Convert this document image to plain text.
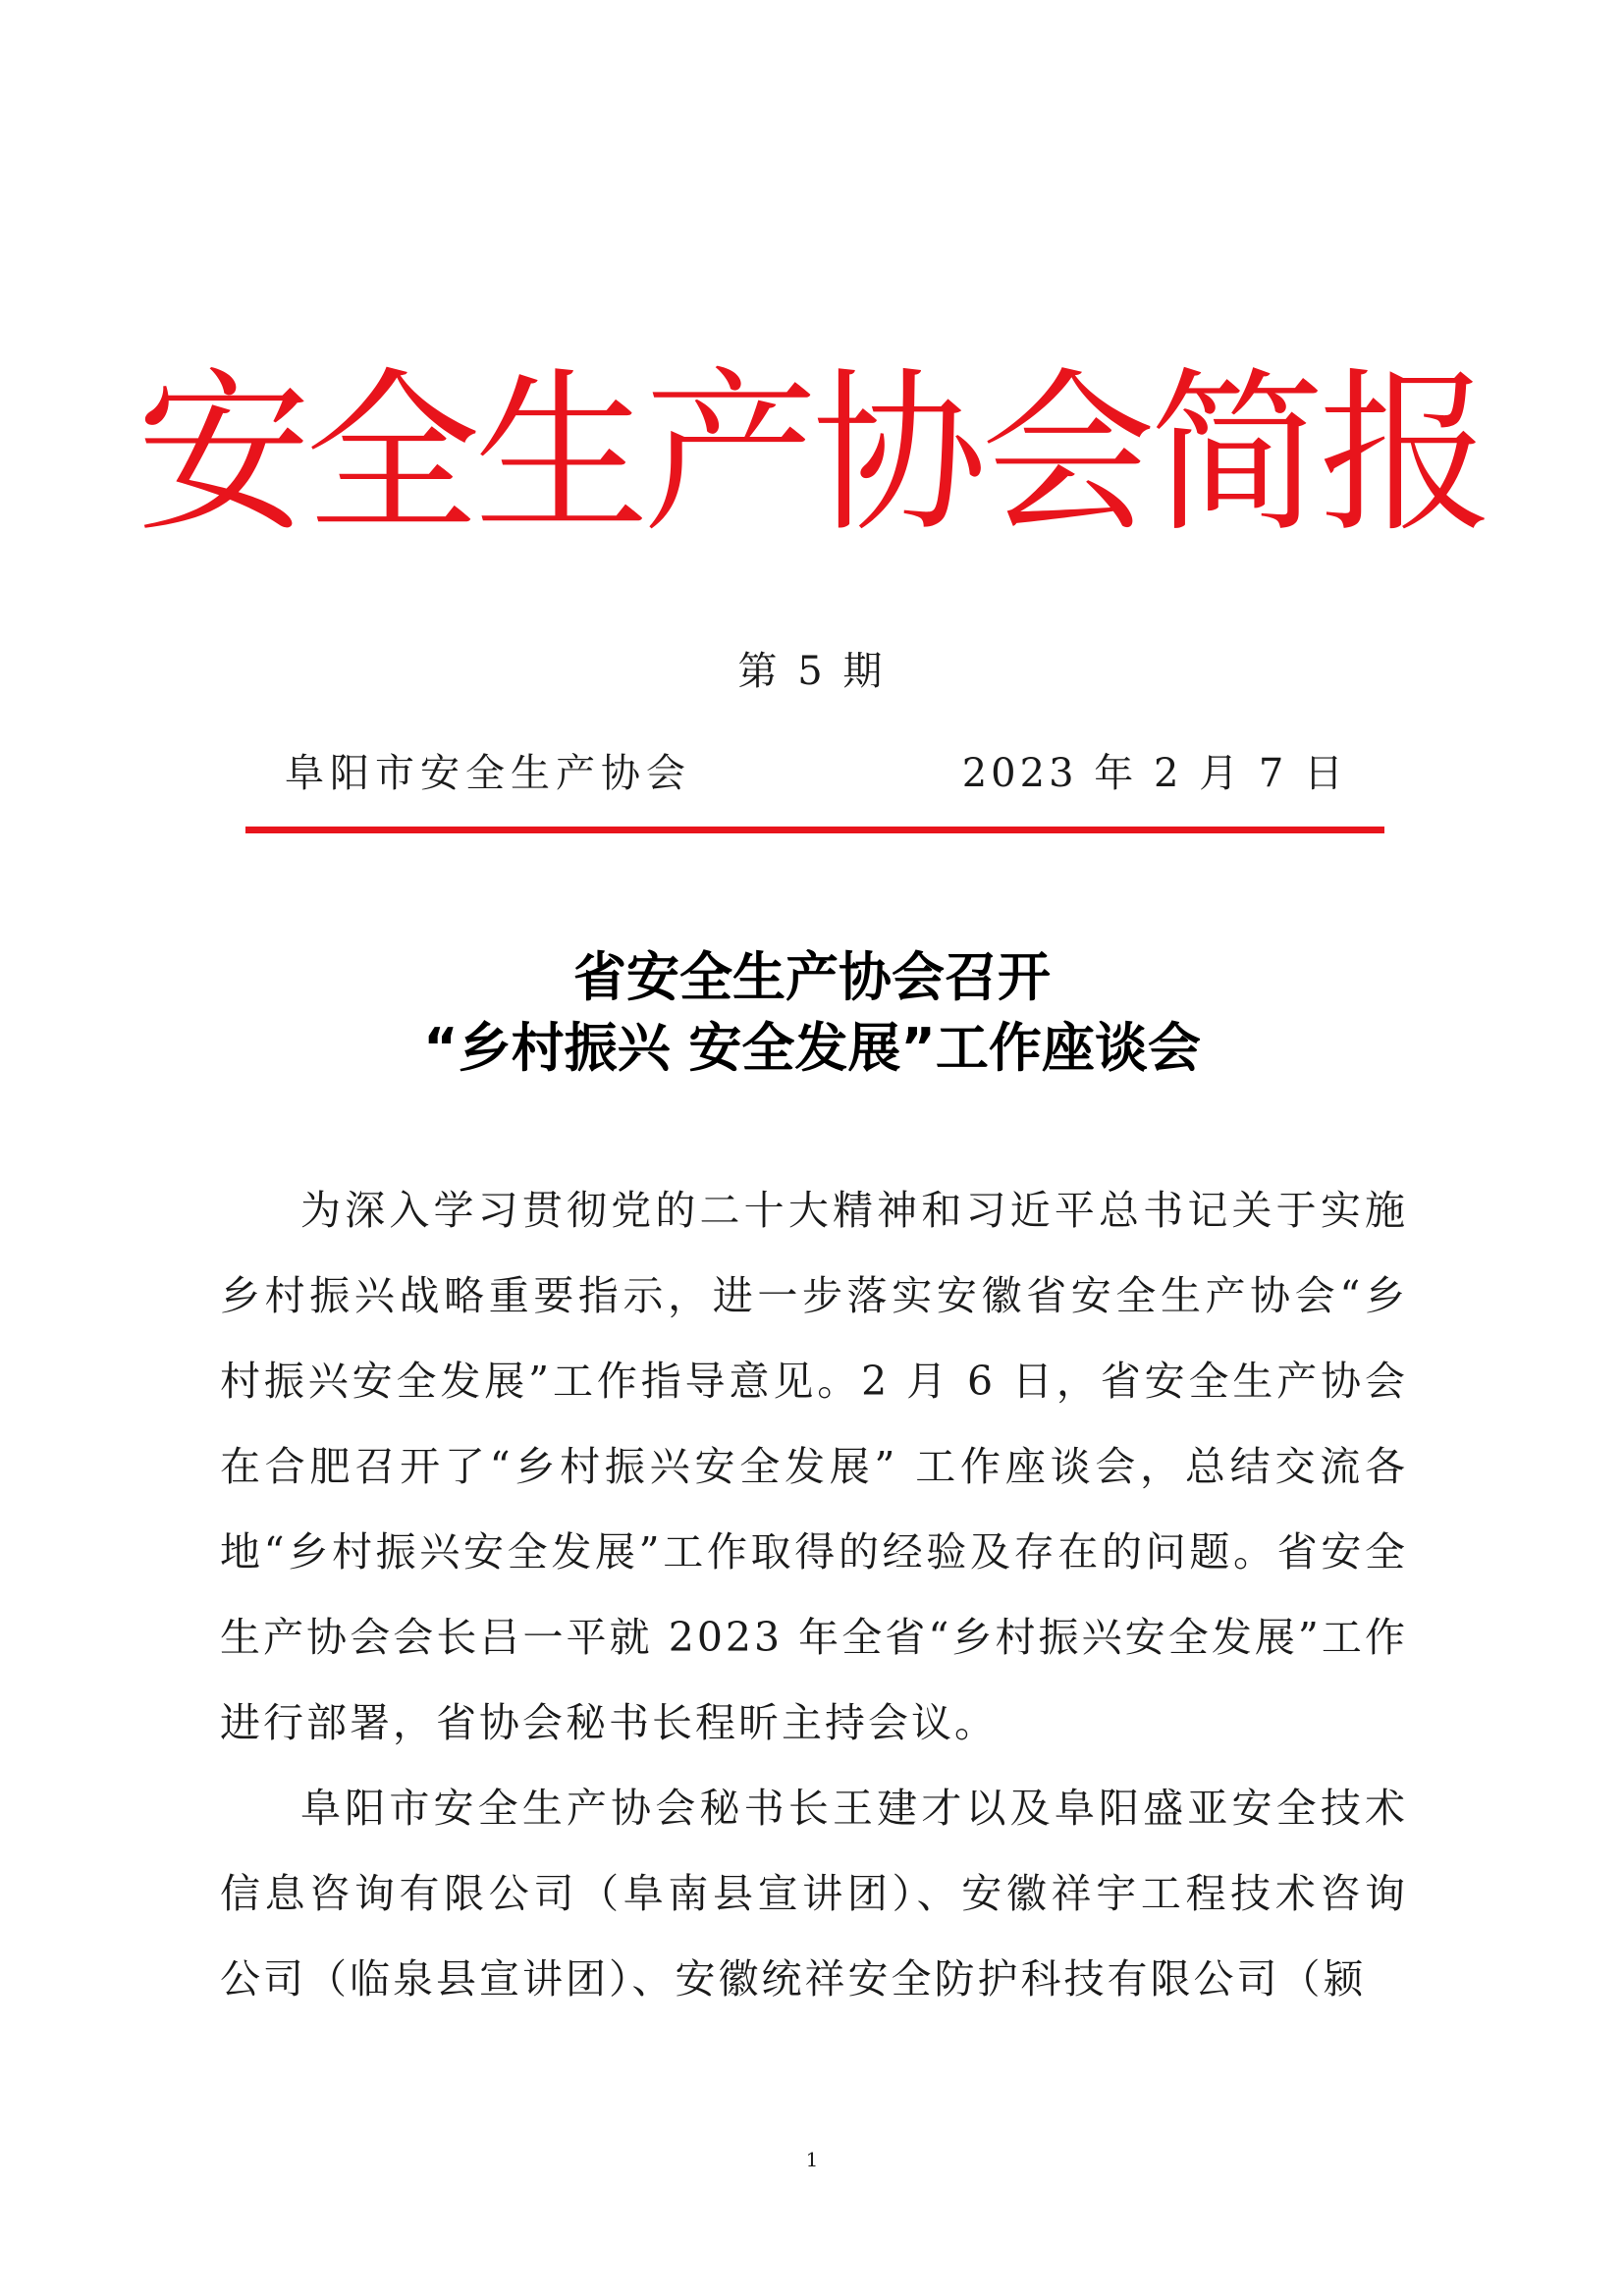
安全生产协会简报
第 5 期
阜阳市安全生产协会	2023 年 2 月 7 日
省安全生产协会召开
“乡村振兴 安全发展”工作座谈会

为深入学习贯彻党的二十大精神和习近平总书记关于实施乡村振兴战略重要指示，进一步落实安徽省安全生产协会“乡村振兴安全发展”工作指导意见。2 月 6 日，省安全生产协会在合肥召开了“乡村振兴安全发展” 工作座谈会，总结交流各地“乡村振兴安全发展”工作取得的经验及存在的问题。省安全生产协会会长吕一平就 2023 年全省“乡村振兴安全发展”工作进行部署，省协会秘书长程昕主持会议。

阜阳市安全生产协会秘书长王建才以及阜阳盛亚安全技术信息咨询有限公司（阜南县宣讲团）、安徽祥宇工程技术咨询公司（临泉县宣讲团）、安徽统祥安全防护科技有限公司（颍

1
